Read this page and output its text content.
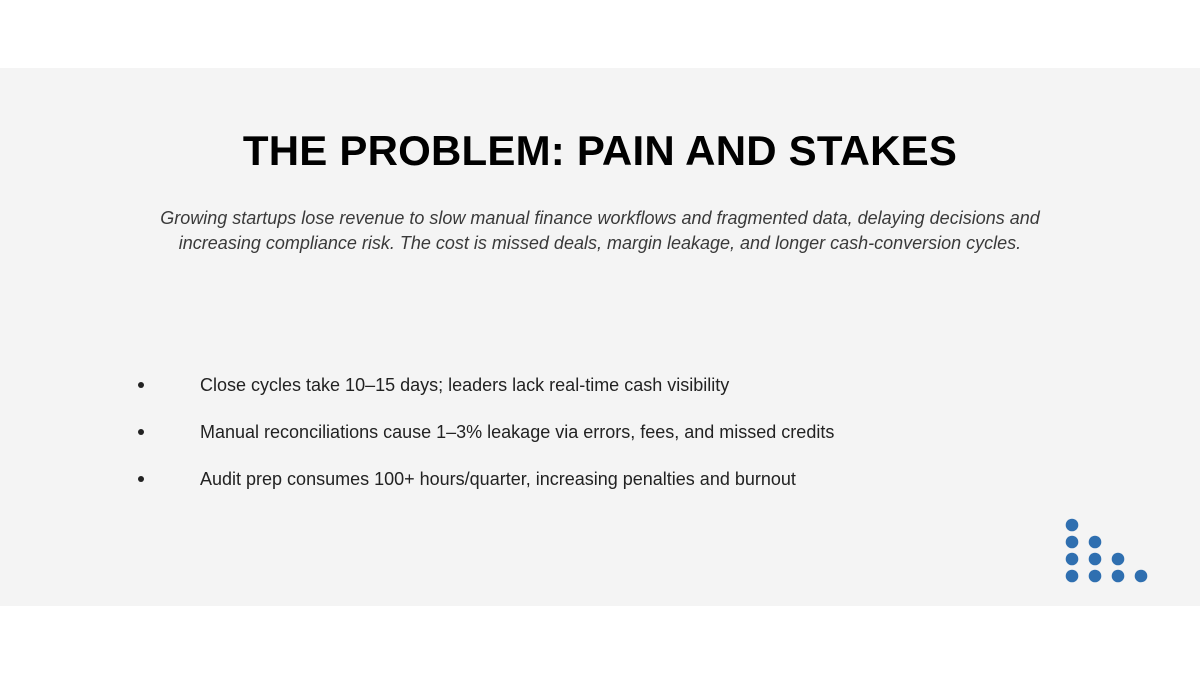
THE PROBLEM: PAIN AND STAKES
Growing startups lose revenue to slow manual finance workflows and fragmented data, delaying decisions and increasing compliance risk. The cost is missed deals, margin leakage, and longer cash-conversion cycles.
Close cycles take 10–15 days; leaders lack real-time cash visibility
Manual reconciliations cause 1–3% leakage via errors, fees, and missed credits
Audit prep consumes 100+ hours/quarter, increasing penalties and burnout
